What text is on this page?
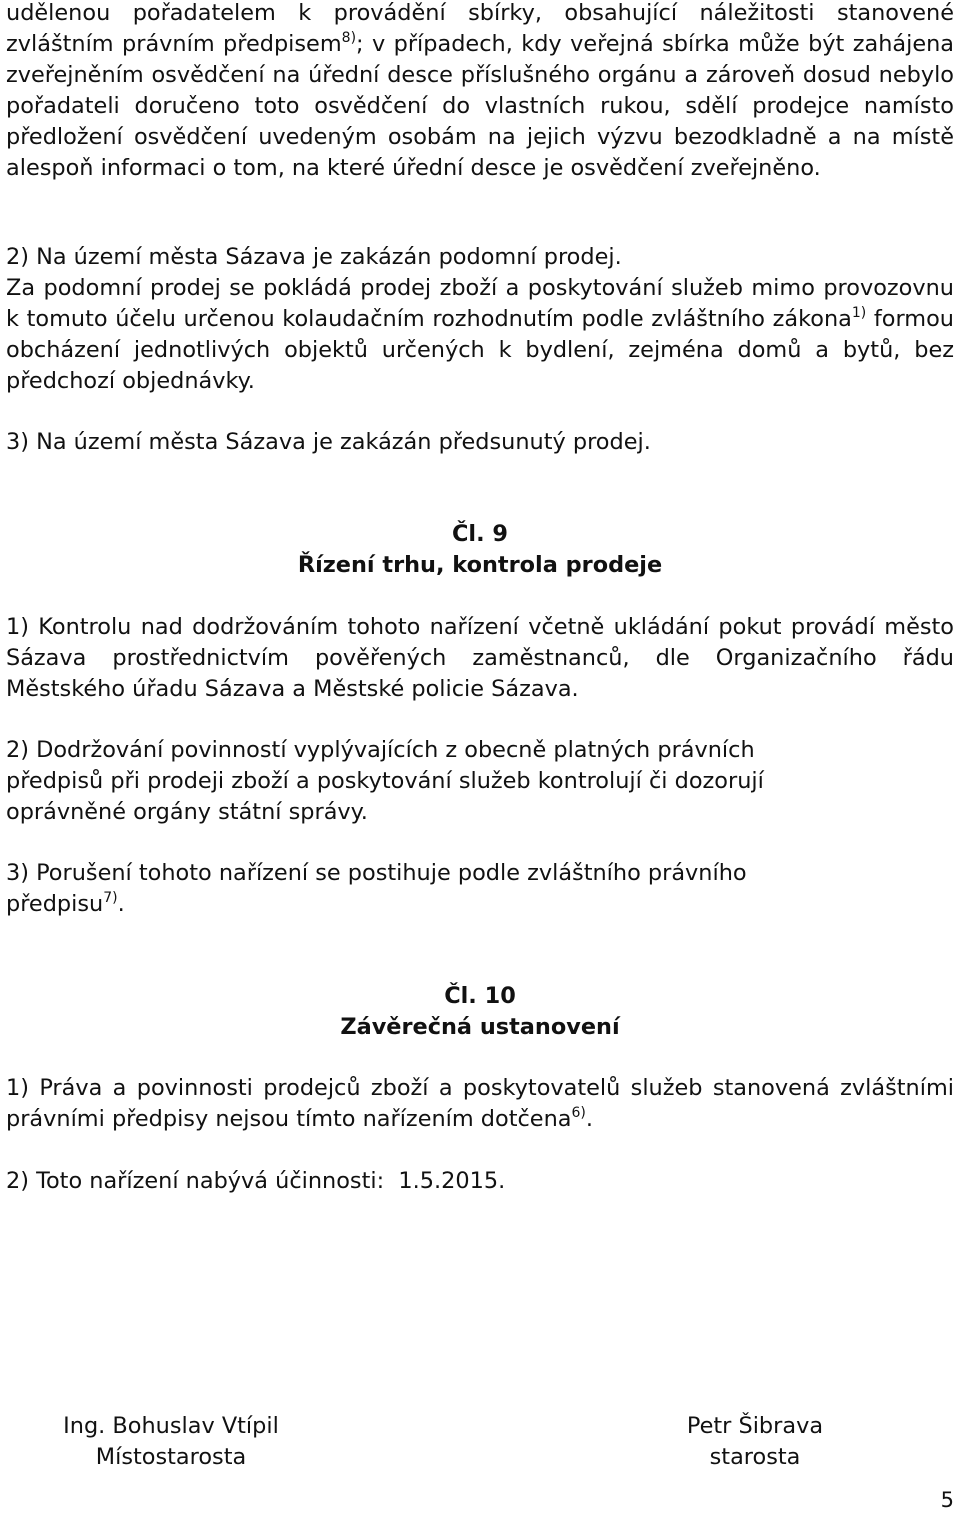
udělenou pořadatelem k provádění sbírky, obsahující náležitosti stanovené zvláštním právním předpisem$^{8)}$; v případech, kdy veřejná sbírka může být zahájena zveřejněním osvědčení na úřední desce příslušného orgánu a zároveň dosud nebylo pořadateli doručeno toto osvědčení do vlastních rukou, sdělí prodejce namísto předložení osvědčení uvedeným osobám na jejich výzvu bezodkladně a na místě alespoň informaci o tom, na které úřední desce je osvědčení zveřejněno.

2) Na území města Sázava je zakázán podomní prodej.

Za podomní prodej se pokládá prodej zboží a poskytování služeb mimo provozovnu k tomuto účelu určenou kolaudačním rozhodnutím podle zvláštního zákona$^{1)}$ formou obcházení jednotlivých objektů určených k bydlení, zejména domů a bytů, bez předchozí objednávky.

3) Na území města Sázava je zakázán předsunutý prodej.

Čl. 9

Řízení trhu, kontrola prodeje

1) Kontrolu nad dodržováním tohoto nařízení včetně ukládání pokut provádí město Sázava prostřednictvím pověřených zaměstnanců, dle Organizačního řádu Městského úřadu Sázava a Městské policie Sázava.

2) Dodržování povinností vyplývajících z obecně platných právních

předpisů při prodeji zboží a poskytování služeb kontrolují či dozorují

oprávněné orgány státní správy.

3) Porušení tohoto nařízení se postihuje podle zvláštního právního

předpisu$^{7)}$.

Čl. 10

Závěrečná ustanovení

1) Práva a povinnosti prodejců zboží a poskytovatelů služeb stanovená zvláštními právními předpisy nejsou tímto nařízením dotčena$^{6)}$.

2) Toto nařízení nabývá účinnosti:  1.5.2015.

Ing. Bohuslav Vtípil
Místostarosta
Petr Šibrava
starosta
5
